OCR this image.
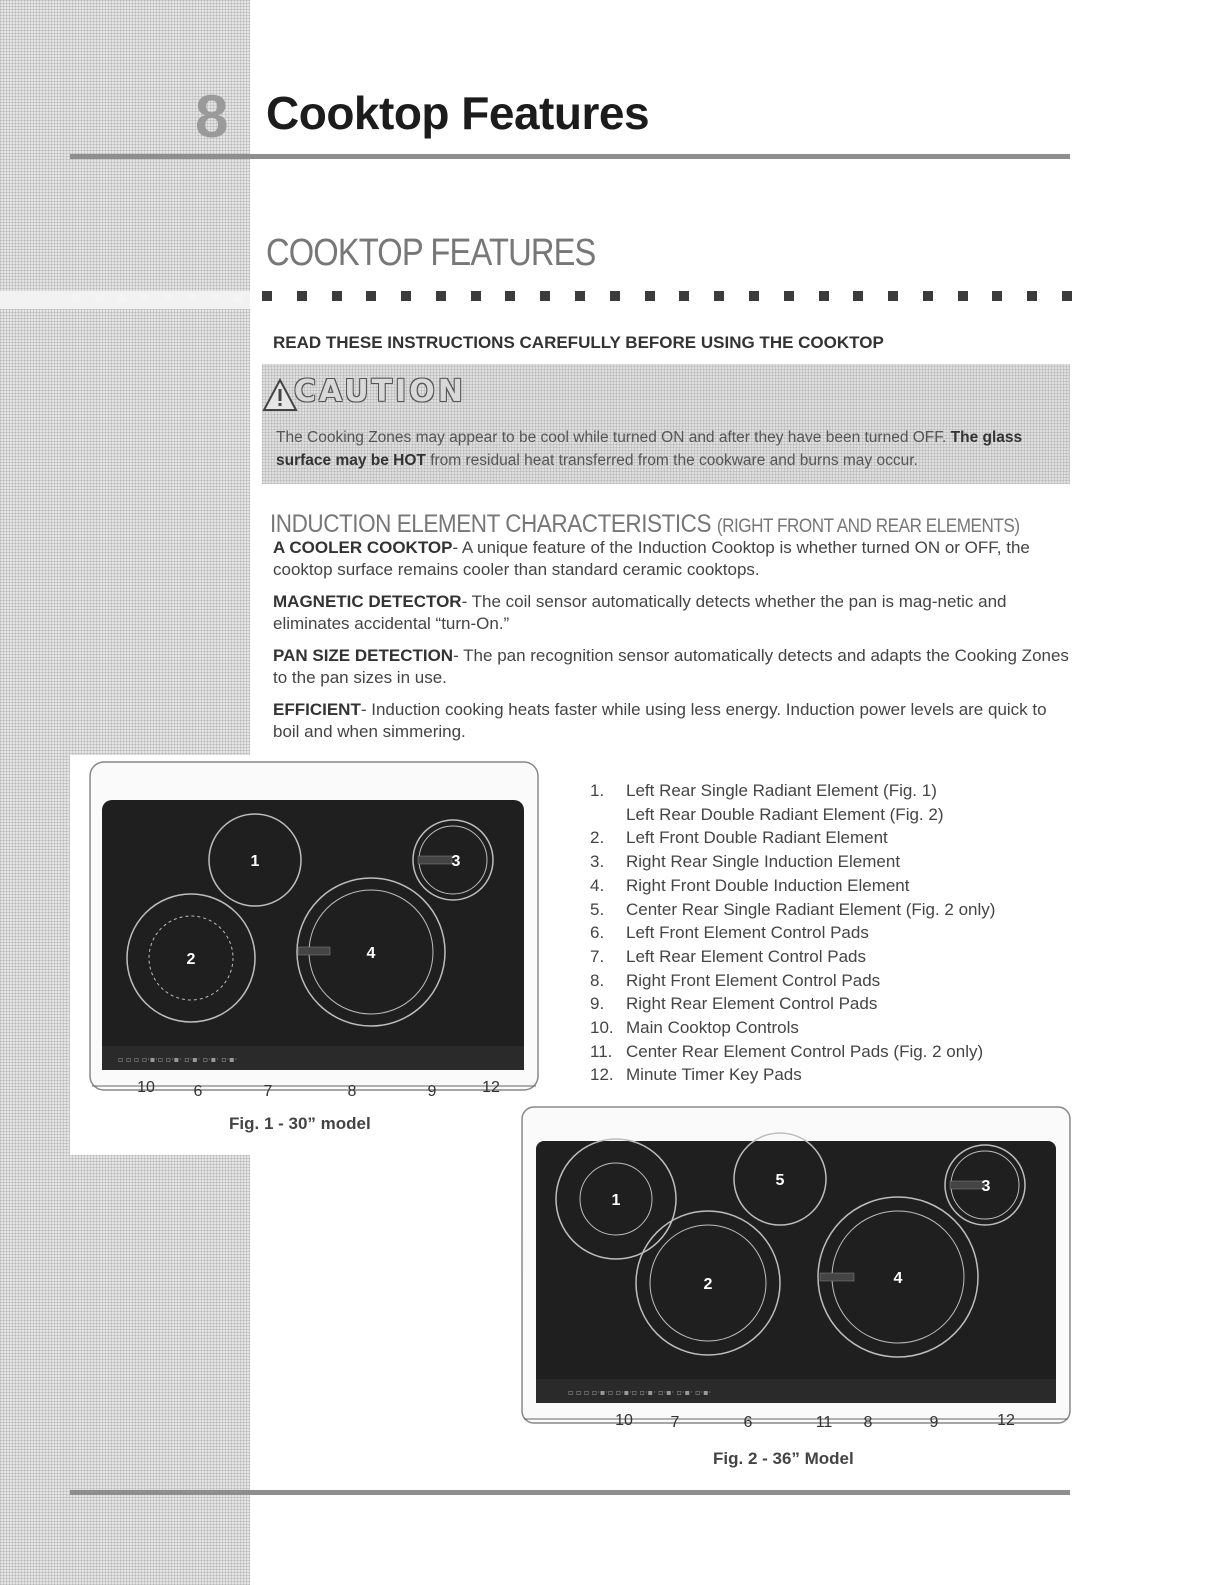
8 Cooktop Features
COOKTOP FEATURES
READ THESE INSTRUCTIONS CAREFULLY BEFORE USING THE COOKTOP
CAUTION
The Cooking Zones may appear to be cool while turned ON and after they have been turned OFF. The glass surface may be HOT from residual heat transferred from the cookware and burns may occur.
INDUCTION ELEMENT CHARACTERISTICS (RIGHT FRONT AND REAR ELEMENTS)
A COOLER COOKTOP- A unique feature of the Induction Cooktop is whether turned ON or OFF, the cooktop surface remains cooler than standard ceramic cooktops.
MAGNETIC DETECTOR- The coil sensor automatically detects whether the pan is mag-netic and eliminates accidental “turn-On.”
PAN SIZE DETECTION- The pan recognition sensor automatically detects and adapts the Cooking Zones to the pan sizes in use.
EFFICIENT- Induction cooking heats faster while using less energy. Induction power levels are quick to boil and when simmering.
1
2
3
4
▫ ▫ ▫ ▫·▪·▫ ▫·▪· ▫·▪· ▫·▪· ▫·▪·
10 6	7	8	9	12
Fig. 1 - 30” model
1.	Left Rear Single Radiant Element (Fig. 1)
Left Rear Double Radiant Element (Fig. 2)
2.	Left Front Double Radiant Element
3.	Right Rear Single Induction Element
4.	Right Front Double Induction Element
5.	Center Rear Single Radiant Element (Fig. 2 only)
6.	Left Front Element Control Pads
7.	Left Rear Element Control Pads
8.	Right Front Element Control Pads
9.	Right Rear Element Control Pads
10. Main Cooktop Controls
11. Center Rear Element Control Pads (Fig. 2 only)
12. Minute Timer Key Pads
1
2
3
4
5
▫ ▫ ▫ ▫·▪·▫ ▫·▪·▫ ▫·▪· ▫·▪· ▫·▪· ▫·▪·
10 7	6	11 8	9	12
Fig. 2 - 36” Model
